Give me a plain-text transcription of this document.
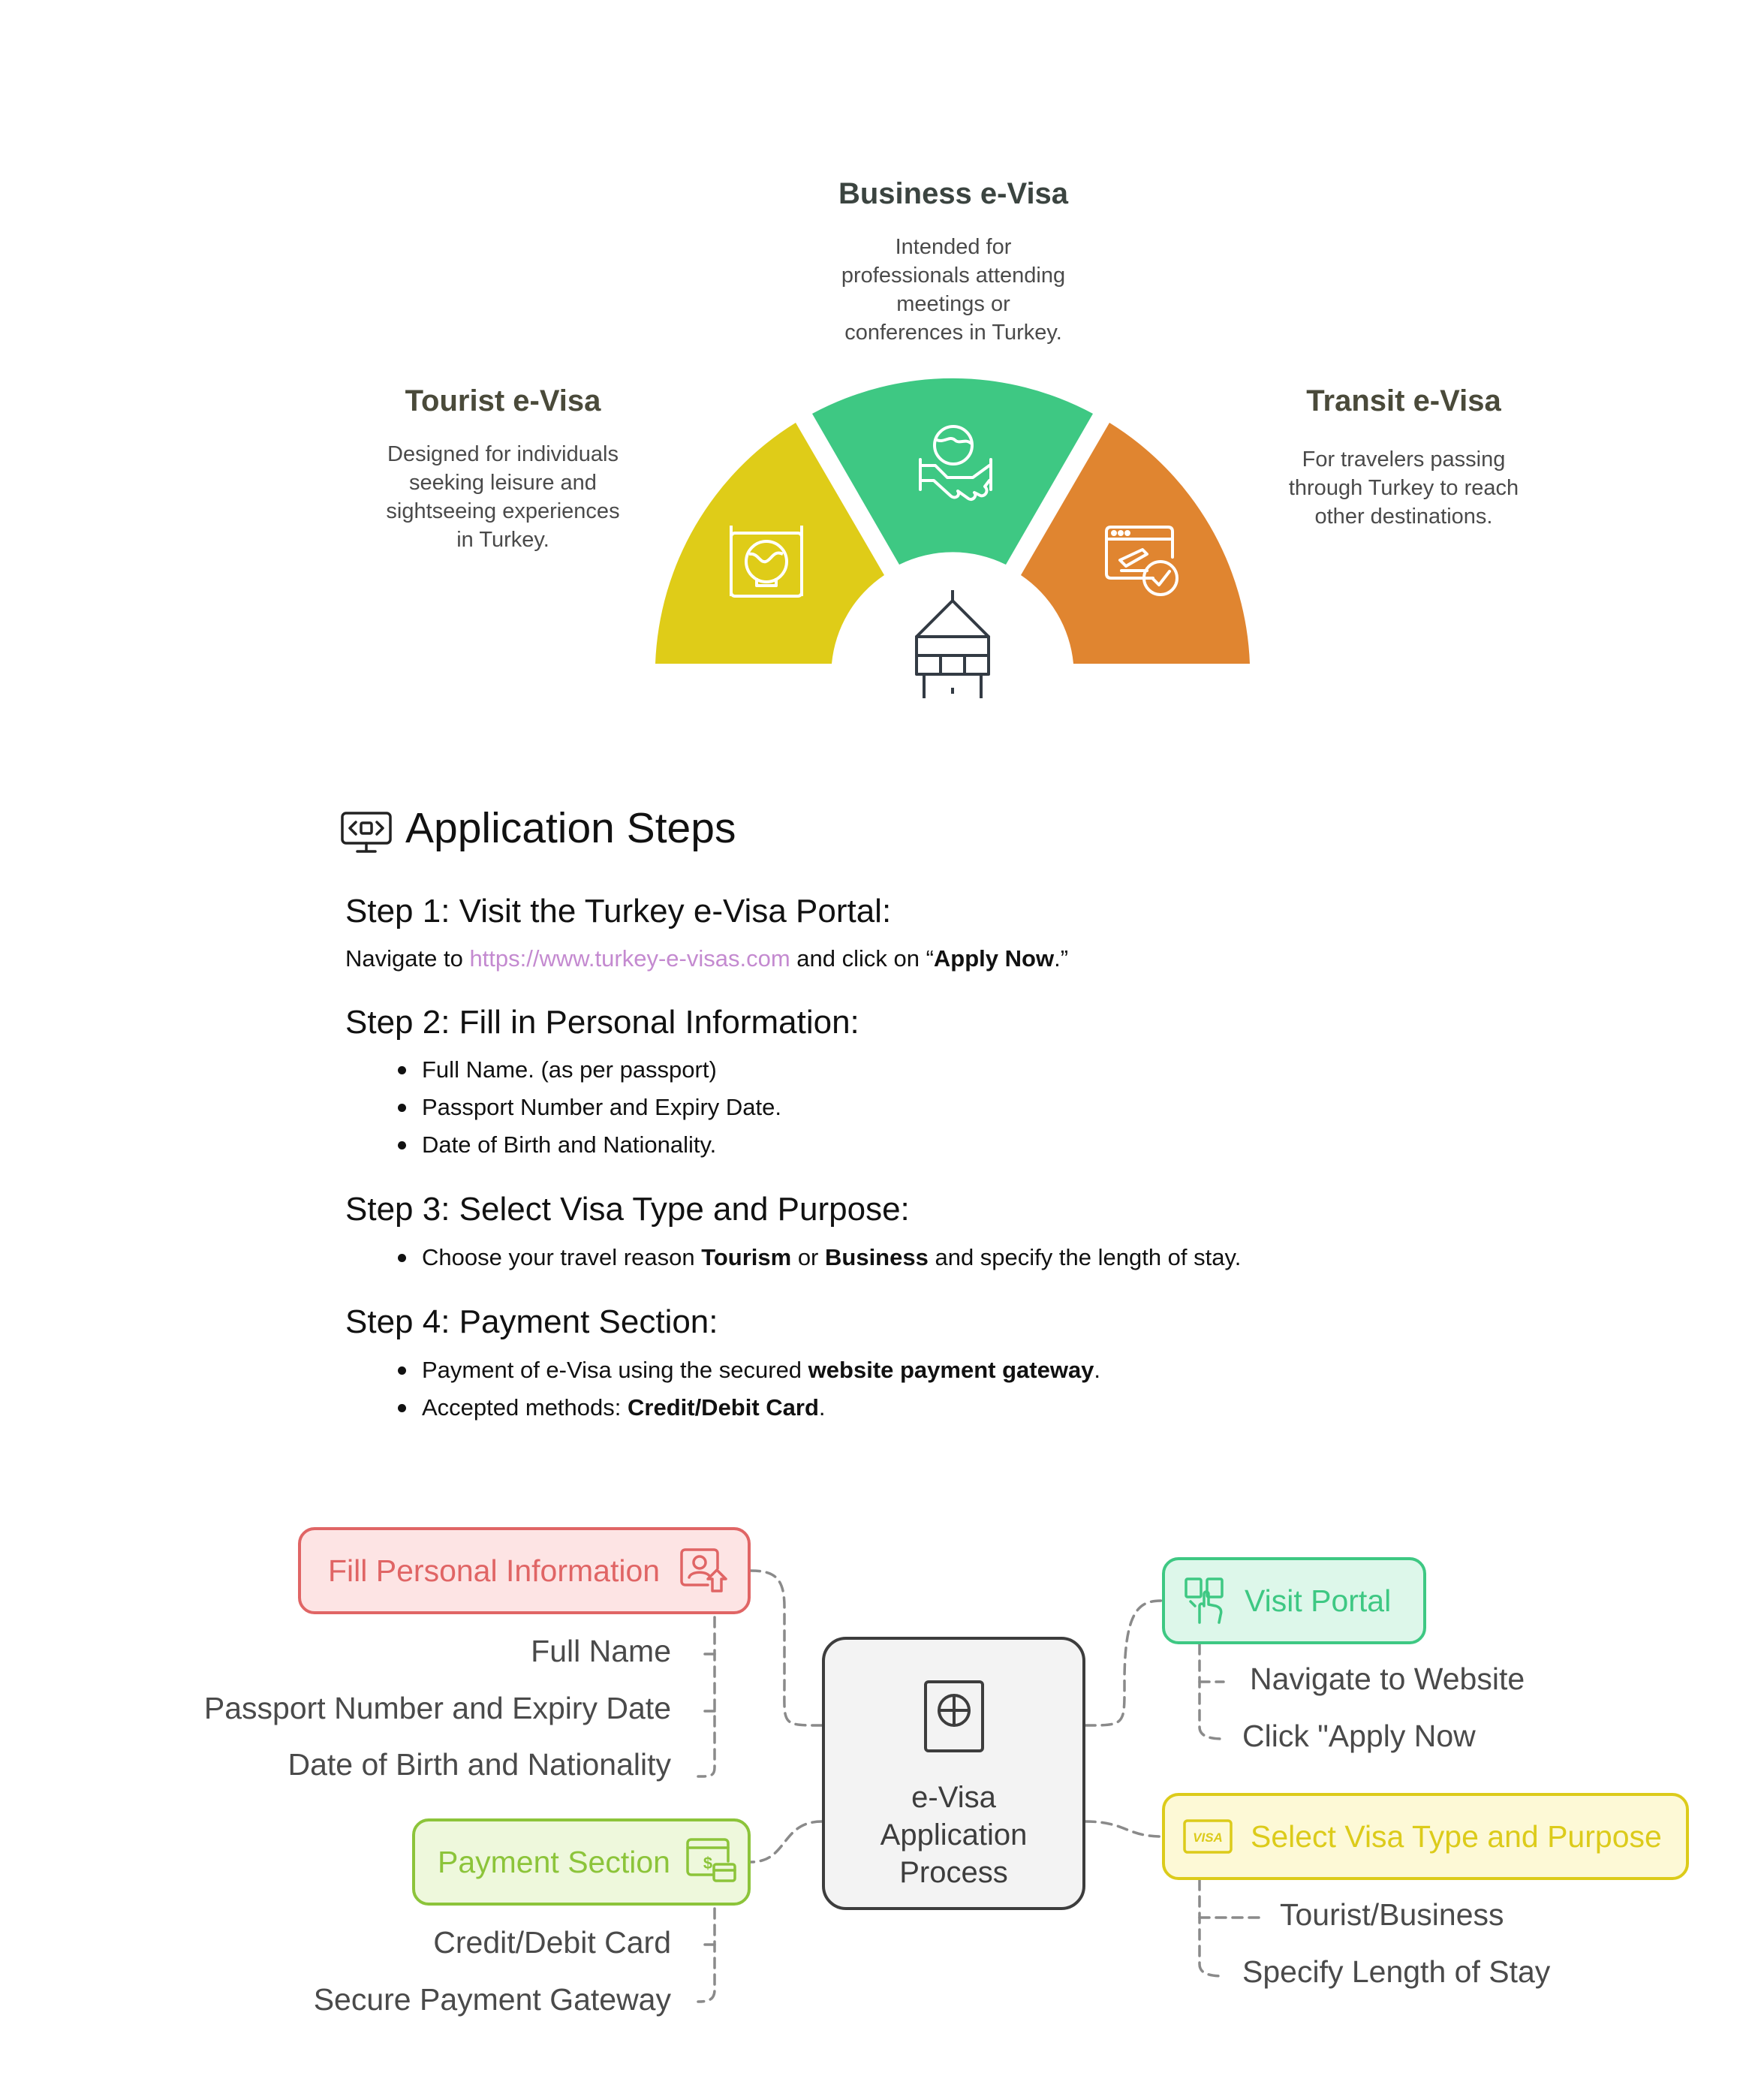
Business e-Visa
Intended for
professionals attending
meetings or
conferences in Turkey.
Tourist e-Visa
Designed for individuals
seeking leisure and
sightseeing experiences
in Turkey.
Transit e-Visa
For travelers passing
through Turkey to reach
other destinations.
Application Steps
Step 1: Visit the Turkey e-Visa Portal:
Navigate to https://www.turkey-e-visas.com and click on “Apply Now.”
Step 2: Fill in Personal Information:
Full Name. (as per passport)
Passport Number and Expiry Date.
Date of Birth and Nationality.
Step 3: Select Visa Type and Purpose:
Choose your travel reason Tourism or Business and specify the length of stay.
Step 4: Payment Section:
Payment of e-Visa using the secured website payment gateway.
Accepted methods: Credit/Debit Card.
e-Visa
Application
Process
Fill Personal Information
Full Name
Passport Number and Expiry Date
Date of Birth and Nationality
Payment Section $
Credit/Debit Card
Secure Payment Gateway
Visit Portal
Navigate to Website
Click "Apply Now
VISA Select Visa Type and Purpose
Tourist/Business
Specify Length of Stay
